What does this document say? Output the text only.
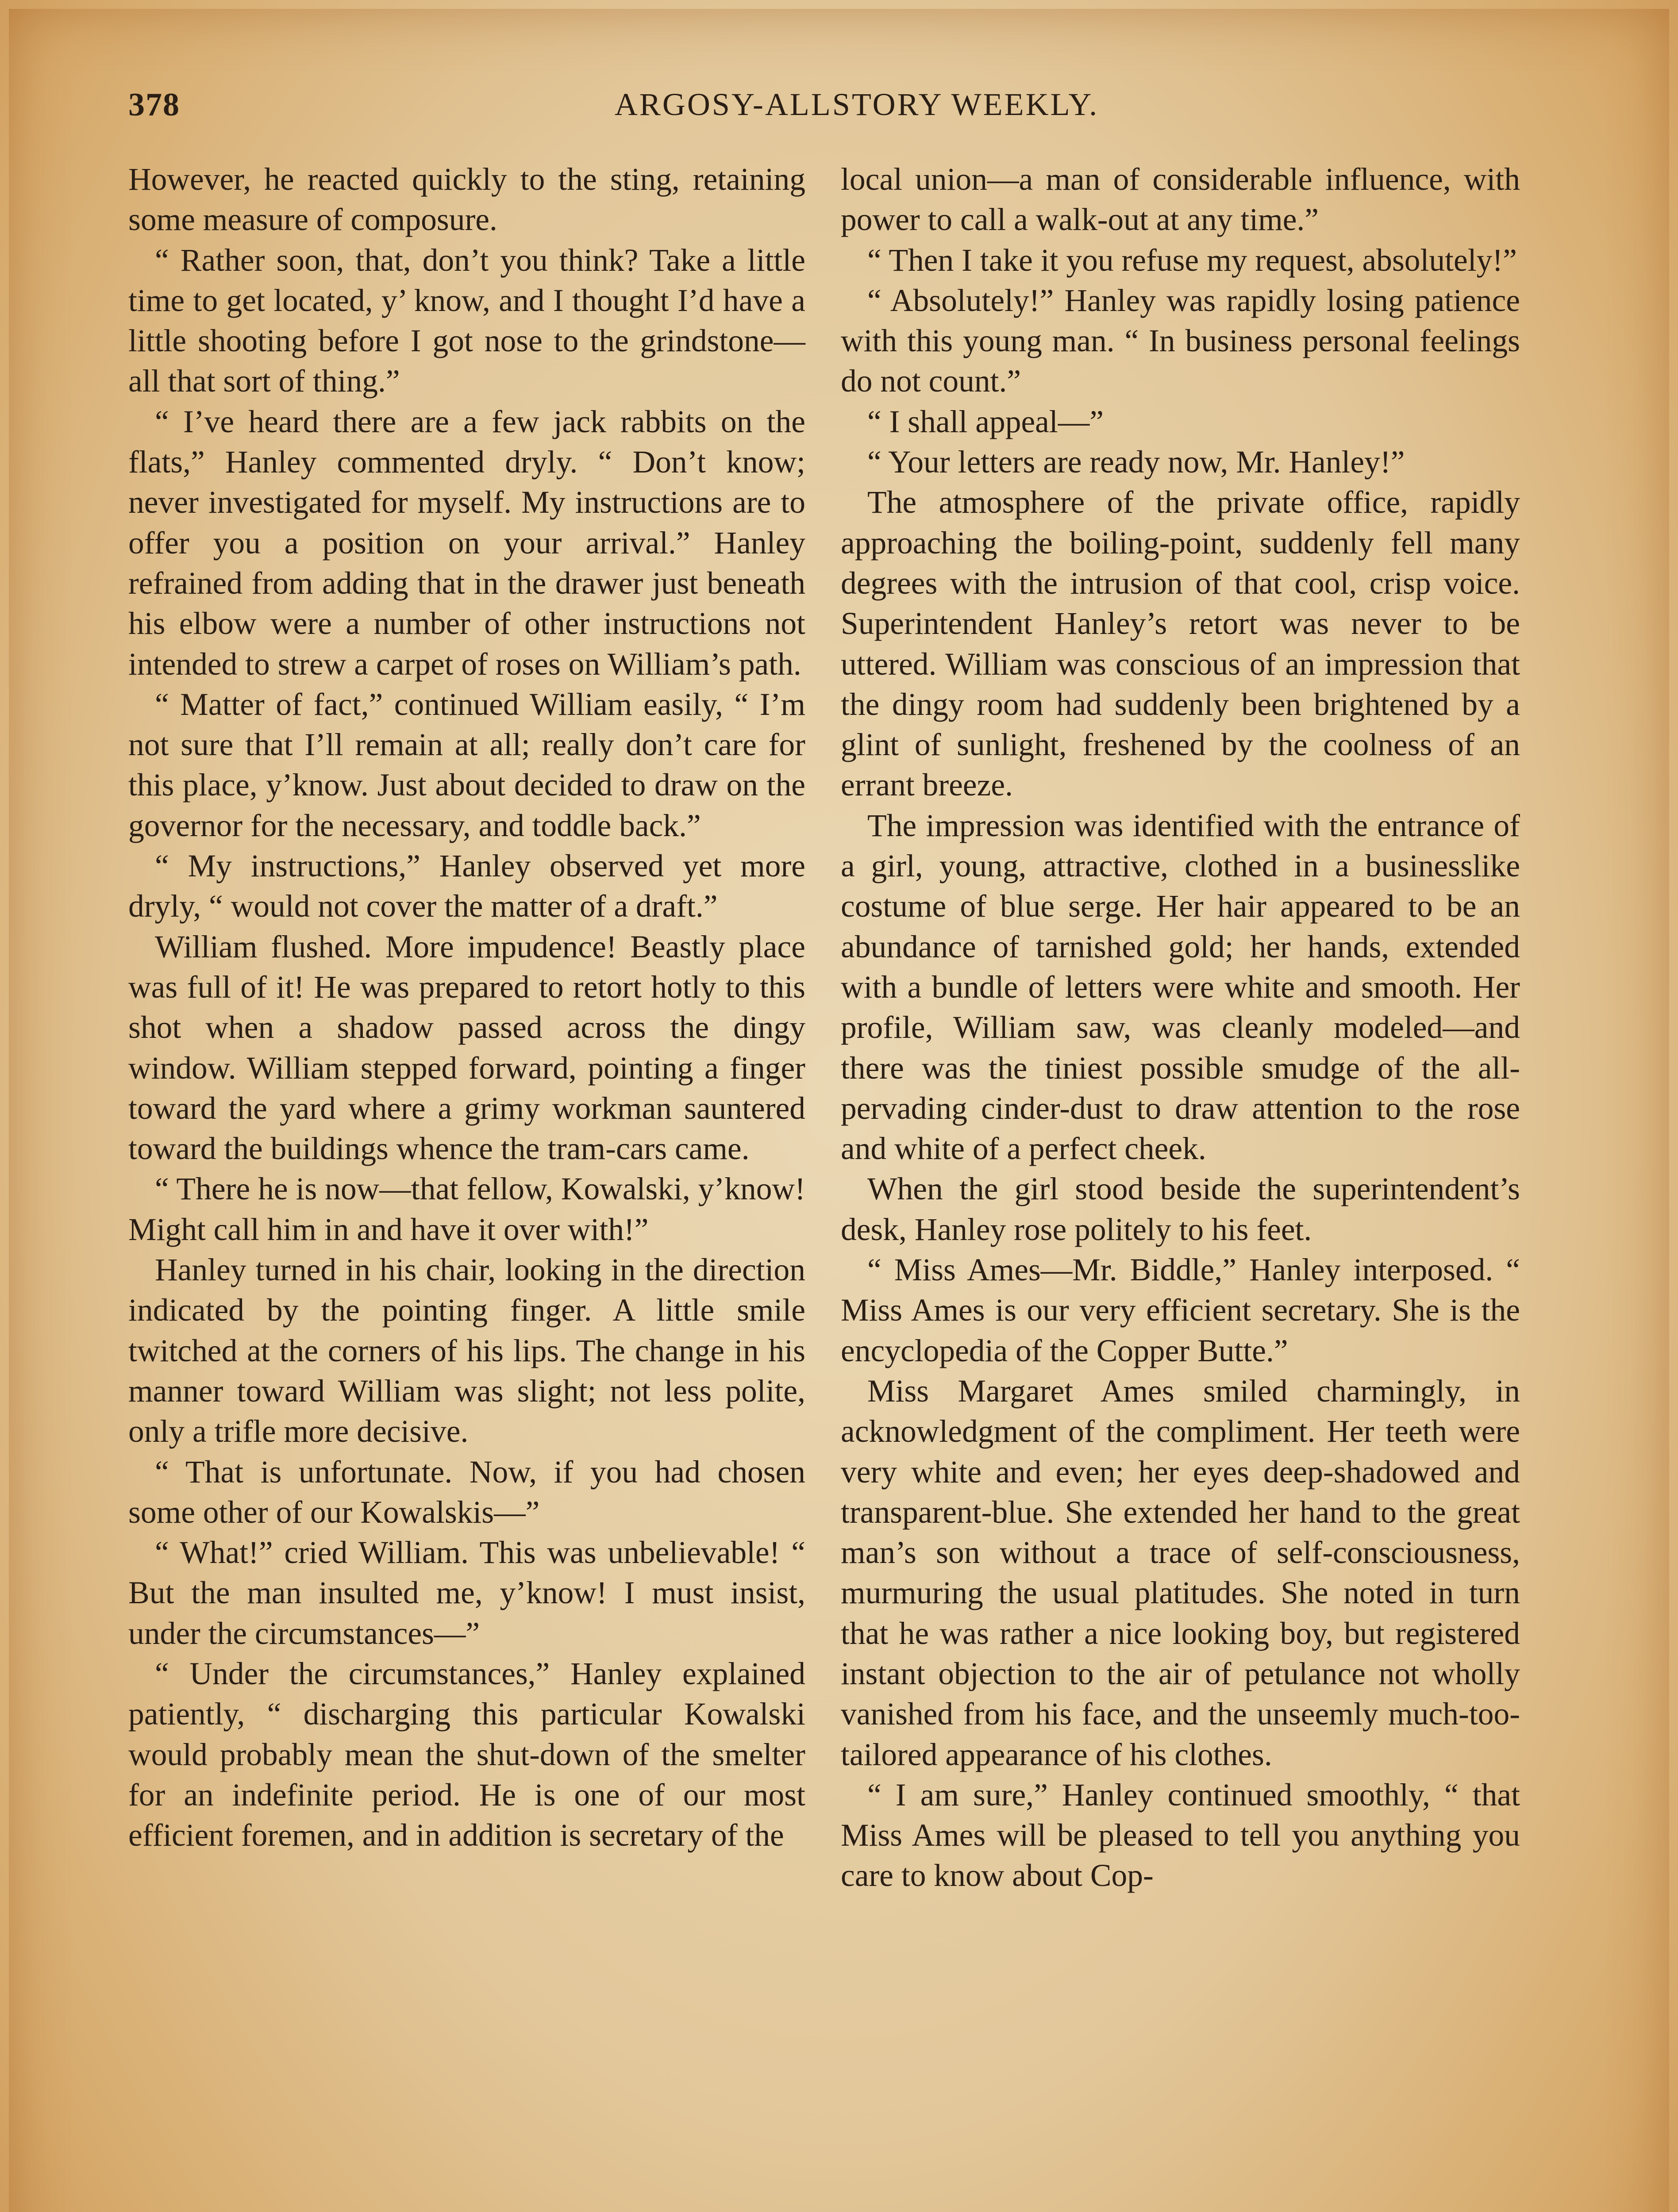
378	ARGOSY-ALLSTORY WEEKLY.

However, he reacted quickly to the sting, retaining some measure of composure.

“ Rather soon, that, don’t you think? Take a little time to get located, y’ know, and I thought I’d have a little shooting before I got nose to the grindstone—all that sort of thing.”

“ I’ve heard there are a few jack rabbits on the flats,” Hanley commented dryly. “ Don’t know; never investigated for myself. My instructions are to offer you a position on your arrival.” Hanley refrained from adding that in the drawer just beneath his elbow were a number of other instructions not intended to strew a carpet of roses on William’s path.

“ Matter of fact,” continued William easily, “ I’m not sure that I’ll remain at all; really don’t care for this place, y’know. Just about decided to draw on the governor for the necessary, and toddle back.”

“ My instructions,” Hanley observed yet more dryly, “ would not cover the matter of a draft.”

William flushed. More impudence! Beastly place was full of it! He was prepared to retort hotly to this shot when a shadow passed across the dingy window. William stepped forward, pointing a finger toward the yard where a grimy workman sauntered toward the buildings whence the tram-cars came.

“ There he is now—that fellow, Kowalski, y’know! Might call him in and have it over with!”

Hanley turned in his chair, looking in the direction indicated by the pointing finger. A little smile twitched at the corners of his lips. The change in his manner toward William was slight; not less polite, only a trifle more decisive.

“ That is unfortunate. Now, if you had chosen some other of our Kowalskis—”

“ What!” cried William. This was unbelievable! “ But the man insulted me, y’know! I must insist, under the circumstances—”

“ Under the circumstances,” Hanley explained patiently, “ discharging this particular Kowalski would probably mean the shut-down of the smelter for an indefinite period. He is one of our most efficient foremen, and in addition is secretary of the

local union—a man of considerable influence, with power to call a walk-out at any time.”

“ Then I take it you refuse my request, absolutely!”

“ Absolutely!” Hanley was rapidly losing patience with this young man. “ In business personal feelings do not count.”

“ I shall appeal—”

“ Your letters are ready now, Mr. Hanley!”

The atmosphere of the private office, rapidly approaching the boiling-point, suddenly fell many degrees with the intrusion of that cool, crisp voice. Superintendent Hanley’s retort was never to be uttered. William was conscious of an impression that the dingy room had suddenly been brightened by a glint of sunlight, freshened by the coolness of an errant breeze.

The impression was identified with the entrance of a girl, young, attractive, clothed in a businesslike costume of blue serge. Her hair appeared to be an abundance of tarnished gold; her hands, extended with a bundle of letters were white and smooth. Her profile, William saw, was cleanly modeled—and there was the tiniest possible smudge of the all-pervading cinder-dust to draw attention to the rose and white of a perfect cheek.

When the girl stood beside the superintendent’s desk, Hanley rose politely to his feet.

“ Miss Ames—Mr. Biddle,” Hanley interposed. “ Miss Ames is our very efficient secretary. She is the encyclopedia of the Copper Butte.”

Miss Margaret Ames smiled charmingly, in acknowledgment of the compliment. Her teeth were very white and even; her eyes deep-shadowed and transparent-blue. She extended her hand to the great man’s son without a trace of self-consciousness, murmuring the usual platitudes. She noted in turn that he was rather a nice looking boy, but registered instant objection to the air of petulance not wholly vanished from his face, and the unseemly much-too-tailored appearance of his clothes.

“ I am sure,” Hanley continued smoothly, “ that Miss Ames will be pleased to tell you anything you care to know about Cop-
